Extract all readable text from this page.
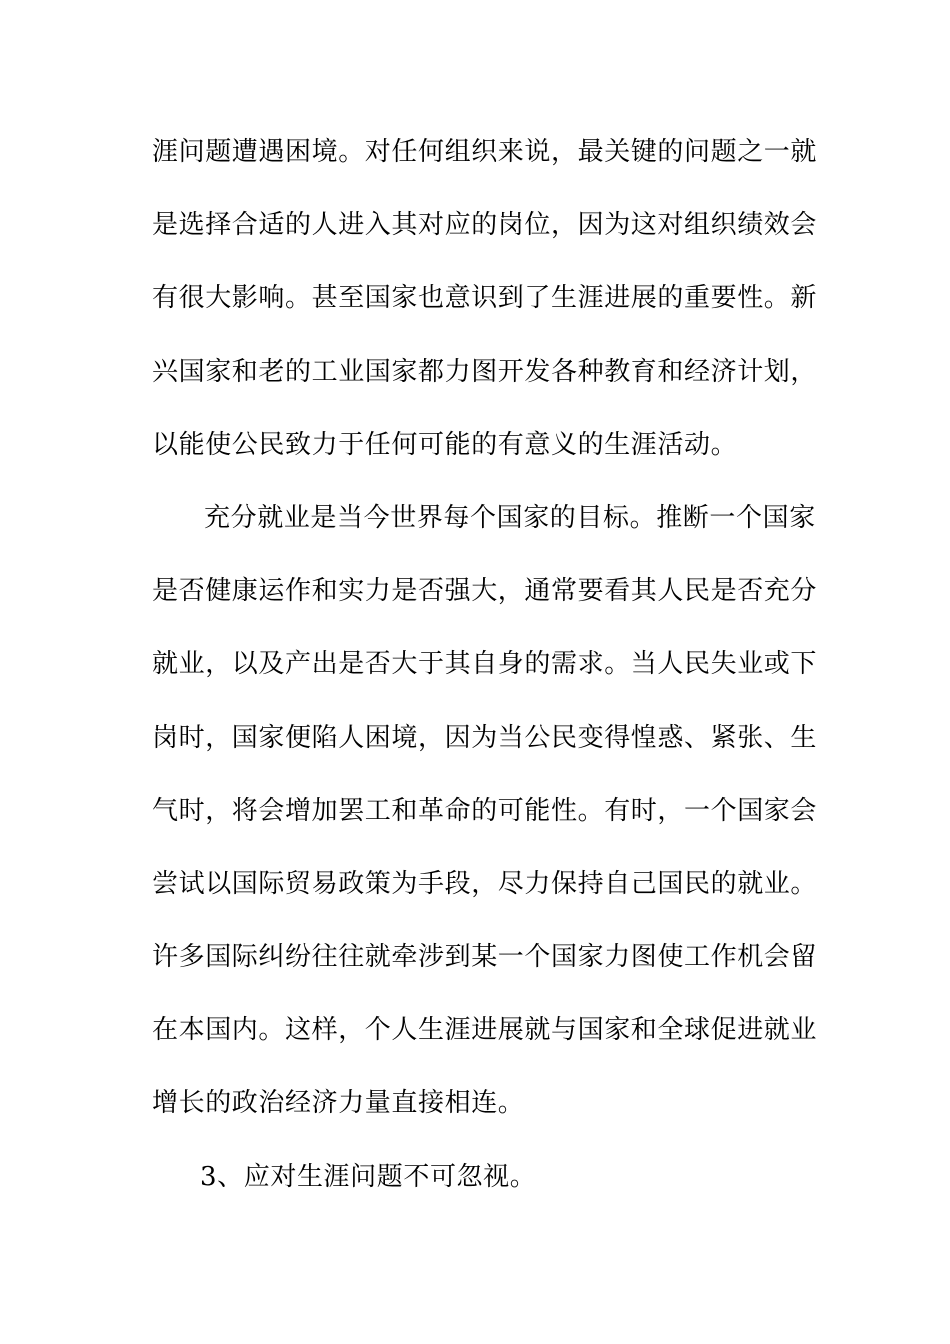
涯问题遭遇困境。对任何组织来说，最关键的问题之一就
是选择合适的人进入其对应的岗位，因为这对组织绩效会
有很大影响。甚至国家也意识到了生涯进展的重要性。新
兴国家和老的工业国家都力图开发各种教育和经济计划，
以能使公民致力于任何可能的有意义的生涯活动。
充分就业是当今世界每个国家的目标。推断一个国家
是否健康运作和实力是否强大，通常要看其人民是否充分
就业，以及产出是否大于其自身的需求。当人民失业或下
岗时，国家便陷人困境，因为当公民变得惶惑、紧张、生
气时，将会增加罢工和革命的可能性。有时，一个国家会
尝试以国际贸易政策为手段，尽力保持自己国民的就业。
许多国际纠纷往往就牵涉到某一个国家力图使工作机会留
在本国内。这样，个人生涯进展就与国家和全球促进就业
增长的政治经济力量直接相连。
3、应对生涯问题不可忽视。
